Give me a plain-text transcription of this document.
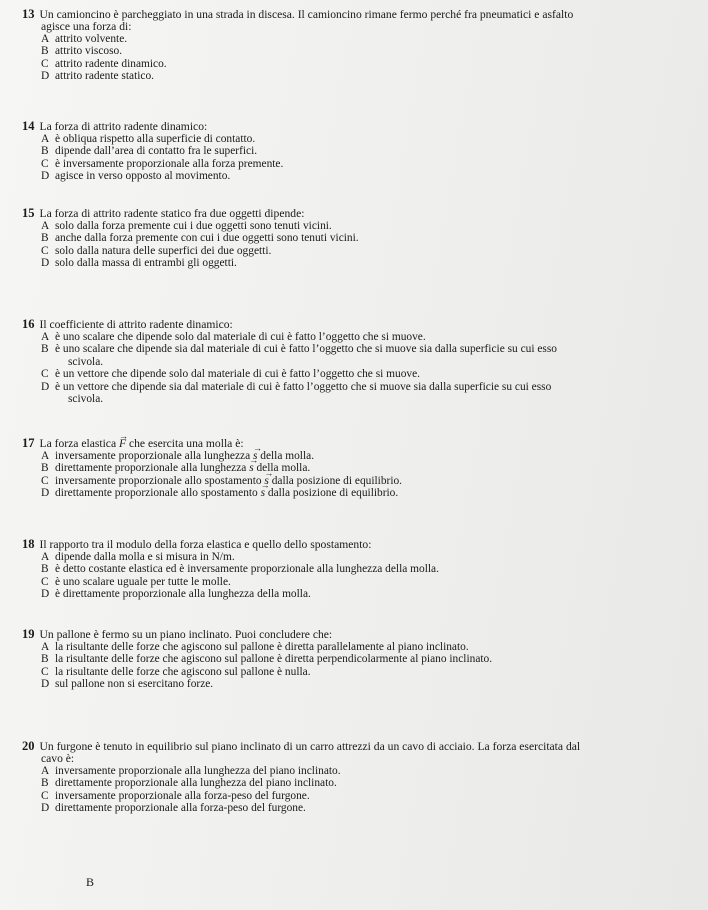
13 Un camioncino è parcheggiato in una strada in discesa. Il camioncino rimane fermo perché fra pneumatici e asfalto
agisce una forza di:
A attrito volvente.
B attrito viscoso.
C attrito radente dinamico.
D attrito radente statico.
14 La forza di attrito radente dinamico:
A è obliqua rispetto alla superficie di contatto.
B dipende dall’area di contatto fra le superfici.
C è inversamente proporzionale alla forza premente.
D agisce in verso opposto al movimento.
15 La forza di attrito radente statico fra due oggetti dipende:
A solo dalla forza premente cui i due oggetti sono tenuti vicini.
B anche dalla forza premente con cui i due oggetti sono tenuti vicini.
C solo dalla natura delle superfici dei due oggetti.
D solo dalla massa di entrambi gli oggetti.
16 Il coefficiente di attrito radente dinamico:
A è uno scalare che dipende solo dal materiale di cui è fatto l’oggetto che si muove.
B è uno scalare che dipende sia dal materiale di cui è fatto l’oggetto che si muove sia dalla superficie su cui esso
scivola.
C è un vettore che dipende solo dal materiale di cui è fatto l’oggetto che si muove.
D è un vettore che dipende sia dal materiale di cui è fatto l’oggetto che si muove sia dalla superficie su cui esso
scivola.
17 La forza elastica → F che esercita una molla è:
A inversamente proporzionale alla lunghezza → s della molla.
B direttamente proporzionale alla lunghezza → s della molla.
C inversamente proporzionale allo spostamento → s dalla posizione di equilibrio.
D direttamente proporzionale allo spostamento → s dalla posizione di equilibrio.
18 Il rapporto tra il modulo della forza elastica e quello dello spostamento:
A dipende dalla molla e si misura in N/m.
B è detto costante elastica ed è inversamente proporzionale alla lunghezza della molla.
C è uno scalare uguale per tutte le molle.
D è direttamente proporzionale alla lunghezza della molla.
19 Un pallone è fermo su un piano inclinato. Puoi concludere che:
A la risultante delle forze che agiscono sul pallone è diretta parallelamente al piano inclinato.
B la risultante delle forze che agiscono sul pallone è diretta perpendicolarmente al piano inclinato.
C la risultante delle forze che agiscono sul pallone è nulla.
D sul pallone non si esercitano forze.
20 Un furgone è tenuto in equilibrio sul piano inclinato di un carro attrezzi da un cavo di acciaio. La forza esercitata dal
cavo è:
A inversamente proporzionale alla lunghezza del piano inclinato.
B direttamente proporzionale alla lunghezza del piano inclinato.
C inversamente proporzionale alla forza-peso del furgone.
D direttamente proporzionale alla forza-peso del furgone.
B
